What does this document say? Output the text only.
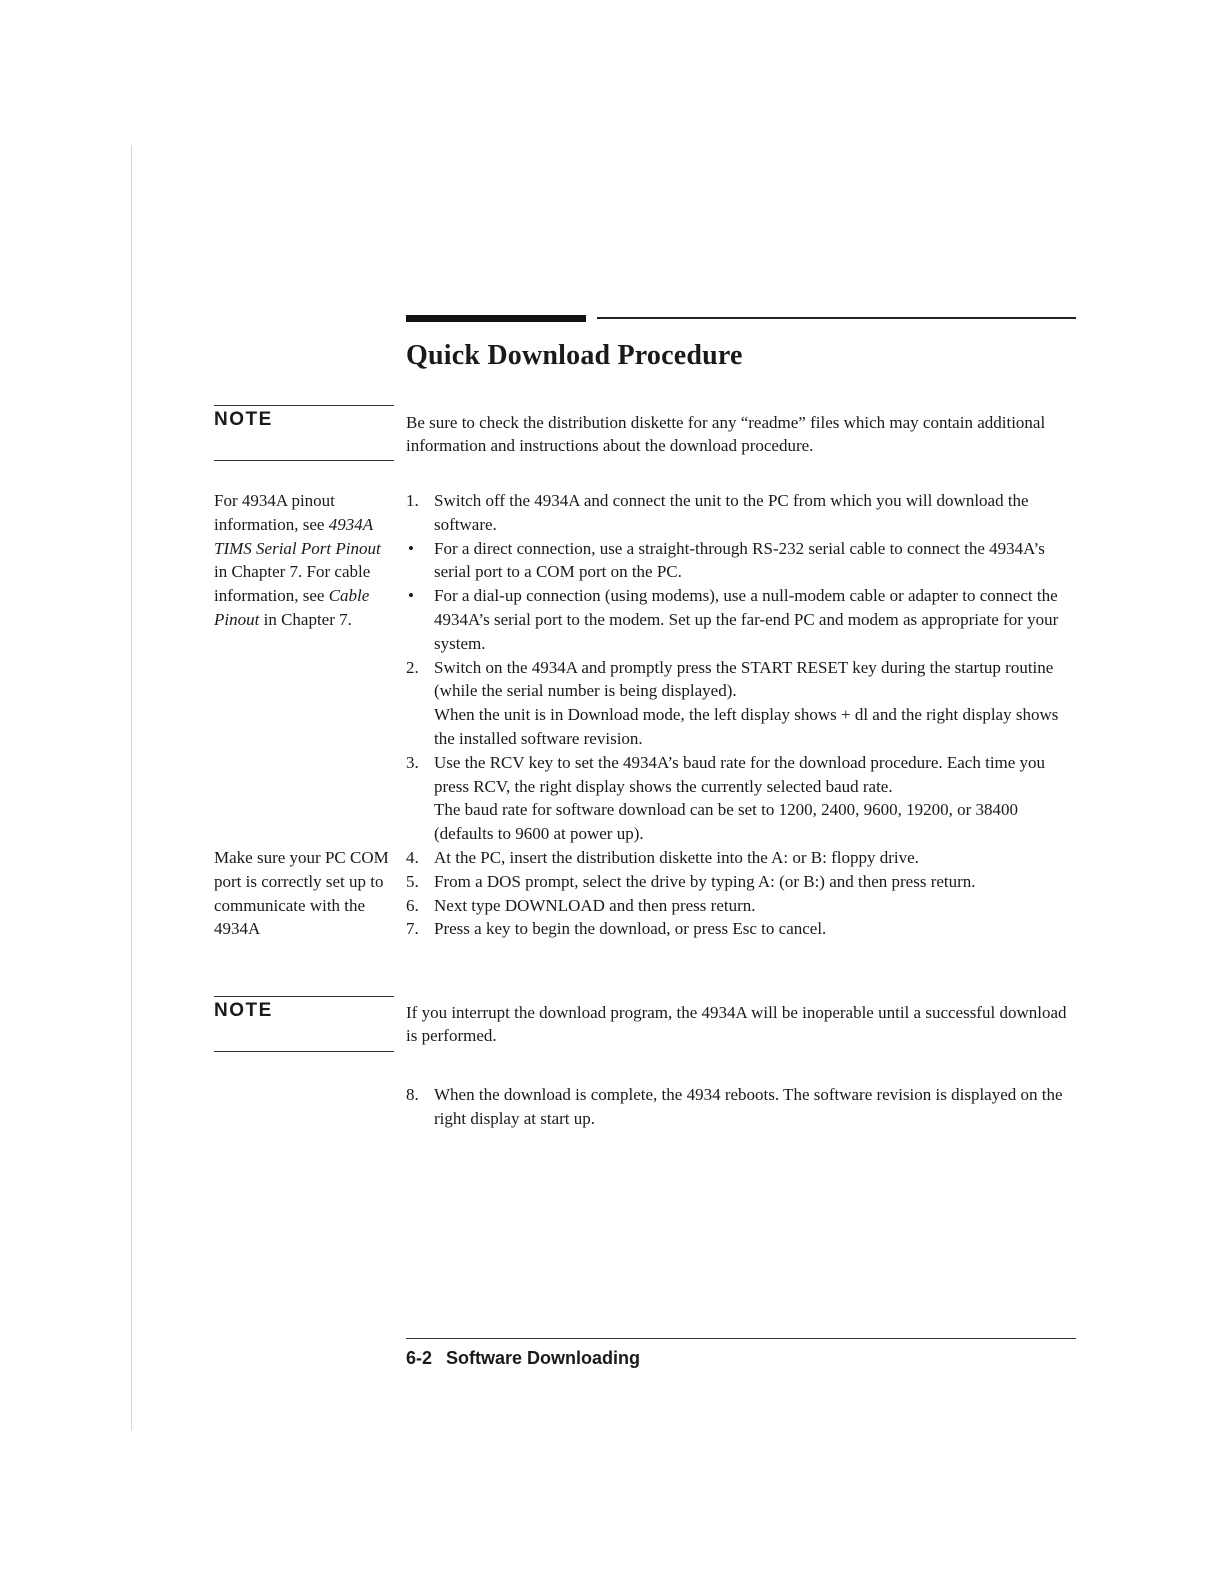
Quick Download Procedure
NOTE	Be sure to check the distribution diskette for any “readme” files which may contain additional information and instructions about the download procedure.
For 4934A pinout information, see 4934A TIMS Serial Port Pinout in Chapter 7. For cable information, see Cable Pinout in Chapter 7.
Make sure your PC COM port is correctly set up to communicate with the 4934A
1. Switch off the 4934A and connect the unit to the PC from which you will download the software.
• For a direct connection, use a straight-through RS-232 serial cable to connect the 4934A’s serial port to a COM port on the PC.
• For a dial-up connection (using modems), use a null-modem cable or adapter to connect the 4934A’s serial port to the modem. Set up the far-end PC and modem as appropriate for your system.
2. Switch on the 4934A and promptly press the START RESET key during the startup routine (while the serial number is being displayed).
When the unit is in Download mode, the left display shows + dl and the right display shows the installed software revision.
3. Use the RCV key to set the 4934A’s baud rate for the download procedure. Each time you press RCV, the right display shows the currently selected baud rate.
The baud rate for software download can be set to 1200, 2400, 9600, 19200, or 38400 (defaults to 9600 at power up).
4. At the PC, insert the distribution diskette into the A: or B: floppy drive.
5. From a DOS prompt, select the drive by typing A: (or B:) and then press return.
6. Next type DOWNLOAD and then press return.
7. Press a key to begin the download, or press Esc to cancel.
NOTE	If you interrupt the download program, the 4934A will be inoperable until a successful download is performed.
8. When the download is complete, the 4934 reboots. The software revision is displayed on the right display at start up.
6-2 Software Downloading
